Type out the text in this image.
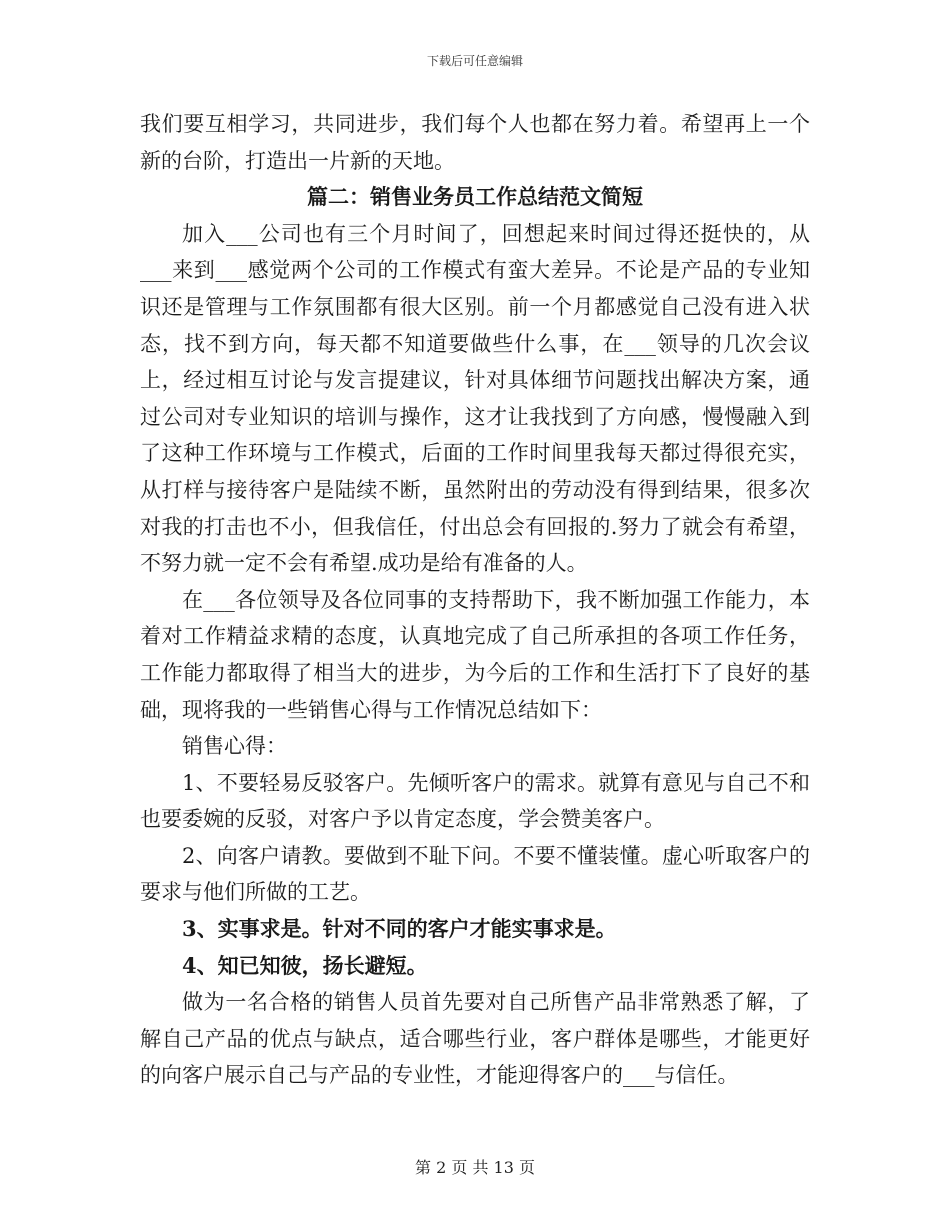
下载后可任意编辑

我们要互相学习，共同进步，我们每个人也都在努力着。希望再上一个新的台阶，打造出一片新的天地。

篇二：销售业务员工作总结范文简短

加入___公司也有三个月时间了，回想起来时间过得还挺快的，从___来到___感觉两个公司的工作模式有蛮大差异。不论是产品的专业知识还是管理与工作氛围都有很大区别。前一个月都感觉自己没有进入状态，找不到方向，每天都不知道要做些什么事，在___领导的几次会议上，经过相互讨论与发言提建议，针对具体细节问题找出解决方案，通过公司对专业知识的培训与操作，这才让我找到了方向感，慢慢融入到了这种工作环境与工作模式，后面的工作时间里我每天都过得很充实，从打样与接待客户是陆续不断，虽然附出的劳动没有得到结果，很多次对我的打击也不小，但我信任，付出总会有回报的.努力了就会有希望，不努力就一定不会有希望.成功是给有准备的人。

在___各位领导及各位同事的支持帮助下，我不断加强工作能力，本着对工作精益求精的态度，认真地完成了自己所承担的各项工作任务，工作能力都取得了相当大的进步，为今后的工作和生活打下了良好的基础，现将我的一些销售心得与工作情况总结如下：

销售心得：

1、不要轻易反驳客户。先倾听客户的需求。就算有意见与自己不和也要委婉的反驳，对客户予以肯定态度，学会赞美客户。

2、向客户请教。要做到不耻下问。不要不懂装懂。虚心听取客户的要求与他们所做的工艺。

3、实事求是。针对不同的客户才能实事求是。

4、知已知彼，扬长避短。

做为一名合格的销售人员首先要对自己所售产品非常熟悉了解，了解自己产品的优点与缺点，适合哪些行业，客户群体是哪些，才能更好的向客户展示自己与产品的专业性，才能迎得客户的___与信任。

第 2 页 共 13 页
